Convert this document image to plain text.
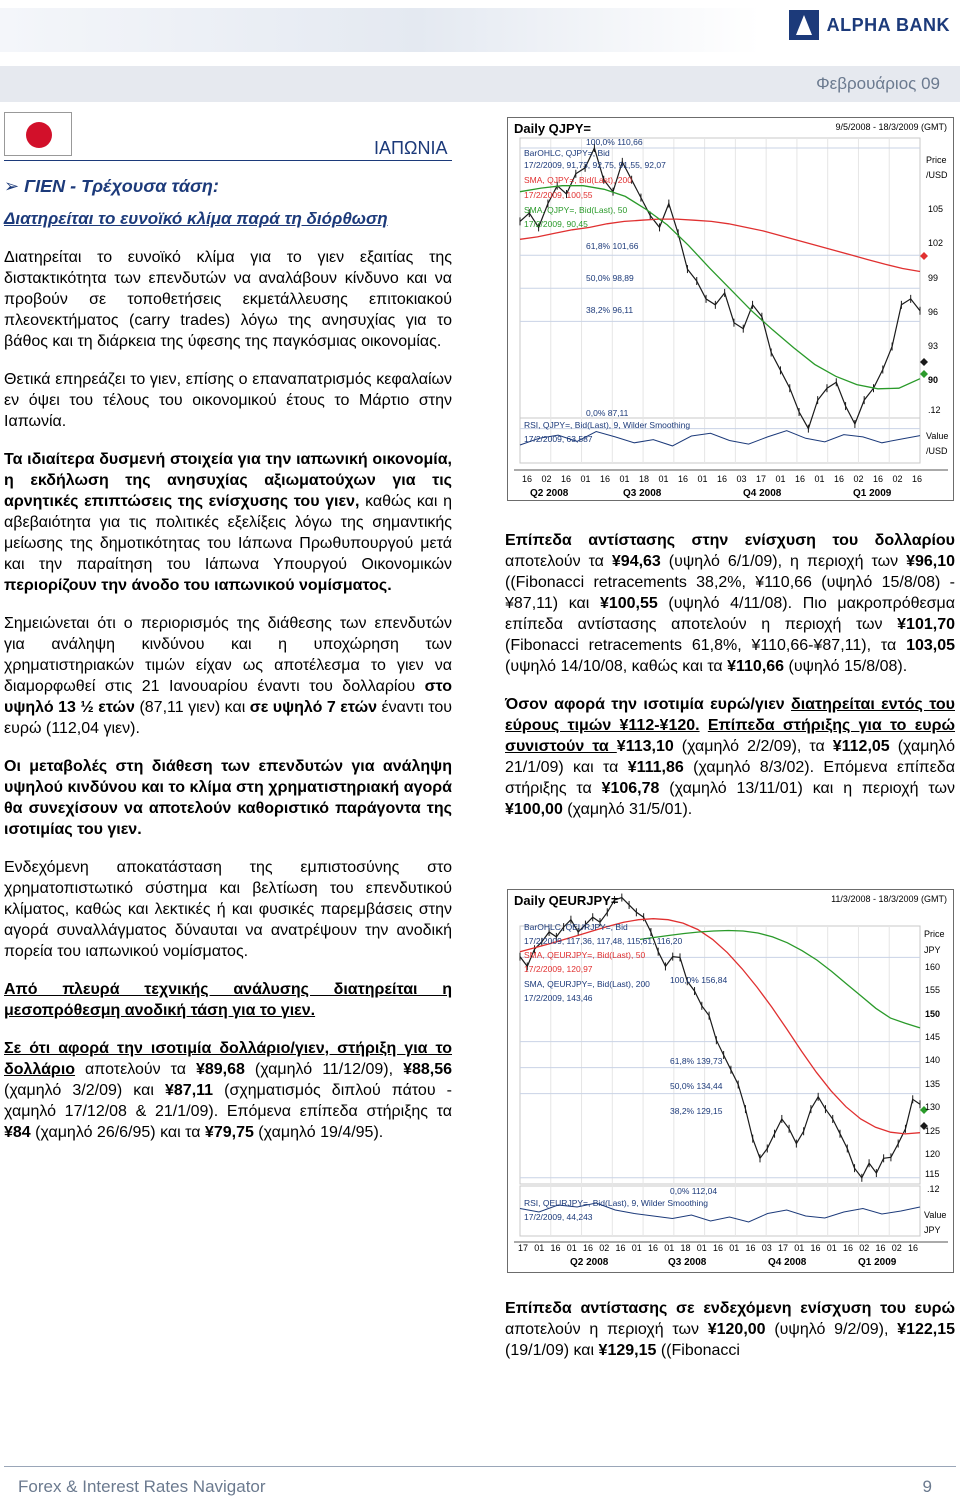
ALPHA BANK
Φεβρουάριος 09
ΙΑΠΩΝΙΑ
➢ ΓΙΕΝ - Τρέχουσα τάση:
Διατηρείται το ευνοϊκό κλίμα παρά τη διόρθωση

Διατηρείται το ευνοϊκό κλίμα για το γιεν εξαιτίας της διστακτικότητα των επενδυτών να αναλάβουν κίνδυνο και να προβούν σε τοποθετήσεις εκμετάλλευσης επιτοκιακού πλεονεκτήματος (carry trades) λόγω της ανησυχίας για το βάθος και τη διάρκεια της ύφεσης της παγκόσμιας οικονομίας.

Θετικά επηρεάζει το γιεν, επίσης ο επαναπατρισμός κεφαλαίων εν όψει του τέλους του οικονομικού έτους το Μάρτιο στην Ιαπωνία.

Τα ιδιαίτερα δυσμενή στοιχεία για την ιαπωνική οικονομία, η εκδήλωση της ανησυχίας αξιωματούχων για τις αρνητικές επιπτώσεις της ενίσχυσης του γιεν, καθώς και η αβεβαιότητα για τις πολιτικές εξελίξεις λόγω της σημαντικής μείωσης της δημοτικότητας του Ιάπωνα Πρωθυπουργού μετά και την παραίτηση του Ιάπωνα Υπουργού Οικονομικών περιορίζουν την άνοδο του ιαπωνικού νομίσματος.

Σημειώνεται ότι ο περιορισμός της διάθεσης των επενδυτών για ανάληψη κινδύνου και η υποχώρηση των χρηματιστηριακών τιμών είχαν ως αποτέλεσμα το γιεν να διαμορφωθεί στις 21 Ιανουαρίου έναντι του δολλαρίου στο υψηλό 13 ½ ετών (87,11 γιεν) και σε υψηλό 7 ετών έναντι του ευρώ (112,04 γιεν).

Οι μεταβολές στη διάθεση των επενδυτών για ανάληψη υψηλού κινδύνου και το κλίμα στη χρηματιστηριακή αγορά θα συνεχίσουν να αποτελούν καθοριστικό παράγοντα της ισοτιμίας του γιεν.

Ενδεχόμενη αποκατάσταση της εμπιστοσύνης στο χρηματοπιστωτικό σύστημα και βελτίωση του επενδυτικού κλίματος, καθώς και λεκτικές ή και φυσικές παρεμβάσεις στην αγορά συναλλάγματος δύναυται να ανατρέψουν την ανοδική πορεία του ιαπωνικού νομίσματος.

Από πλευρά τεχνικής ανάλυσης διατηρείται η μεσοπρόθεσμη ανοδική τάση για το γιεν.

Σε ότι αφορά την ισοτιμία δολλάριο/γιεν, στήριξη για το δολλάριο αποτελούν τα ¥89,68 (χαμηλό 11/12/09), ¥88,56 (χαμηλό 3/2/09) και ¥87,11 (σχηματισμός διπλού πάτου - χαμηλό 17/12/08 & 21/1/09). Επόμενα επίπεδα στήριξης τα ¥84 (χαμηλό 26/6/95) και τα ¥79,75 (χαμηλό 19/4/95).

Daily QJPY=	9/5/2008 - 18/3/2009 (GMT)
BarOHLC, QJPY=, Bid
17/2/2009, 91,73, 92,75, 91,55, 92,07
SMA, QJPY=, Bid(Last), 200
17/2/2009, 100,55
SMA, QJPY=, Bid(Last), 50
17/2/2009, 90,45
100,0% 110,66
61,8% 101,66
50,0% 98,89
38,2% 96,11
0,0% 87,11
Price
/USD
105
102
99
96
93
90
RSI, QJPY=, Bid(Last), 9, Wilder Smoothing
17/2/2009, 63,587
.12
Value
/USD
16 02 16 01 16 01 18 01 16 01 16 03 17 01 16 01 16 02 16 02 16
Q2 2008	Q3 2008	Q4 2008	Q1 2009

Επίπεδα αντίστασης στην ενίσχυση του δολλαρίου αποτελούν τα ¥94,63 (υψηλό 6/1/09), η περιοχή των ¥96,10 ((Fibonacci retracements 38,2%, ¥110,66 (υψηλό 15/8/08) - ¥87,11) και ¥100,55 (υψηλό 4/11/08). Πιο μακροπρόθεσμα επίπεδα αντίστασης αποτελούν η περιοχή των ¥101,70 (Fibonacci retracements 61,8%, ¥110,66-¥87,11), τα 103,05 (υψηλό 14/10/08, καθώς και τα ¥110,66 (υψηλό 15/8/08).

Όσον αφορά την ισοτιμία ευρώ/γιεν διατηρείται εντός του εύρους τιμών ¥112-¥120. Επίπεδα στήριξης για το ευρώ συνιστούν τα ¥113,10 (χαμηλό 2/2/09), τα ¥112,05 (χαμηλό 21/1/09) και τα ¥111,86 (χαμηλό 8/3/02). Επόμενα επίπεδα στήριξης τα ¥106,78 (χαμηλό 13/11/01) και η περιοχή των ¥100,00 (χαμηλό 31/5/01).

Daily QEURJPY=	11/3/2008 - 18/3/2009 (GMT)
BarOHLC, QEURJPY=, Bid
17/2/2009, 117,36, 117,48, 115,61, 116,20
SMA, QEURJPY=, Bid(Last), 50
17/2/2009, 120,97
SMA, QEURJPY=, Bid(Last), 200
17/2/2009, 143,46
100,0% 156,84
61,8% 139,73
50,0% 134,44
38,2% 129,15
0,0% 112,04
Price
JPY
160
155
150
145
140
135
130
125
120
115
RSI, QEURJPY=, Bid(Last), 9, Wilder Smoothing
17/2/2009, 44,243
.12
Value
JPY
17 01 16 01 16 02 16 01 16 01 18 01 16 01 16 03 17 01 16 01 16 02 16 02 16
Q2 2008	Q3 2008	Q4 2008	Q1 2009

Επίπεδα αντίστασης σε ενδεχόμενη ενίσχυση του ευρώ αποτελούν η περιοχή των ¥120,00 (υψηλό 9/2/09), ¥122,15 (19/1/09) και ¥129,15 ((Fibonacci

Forex & Interest Rates Navigator	9
